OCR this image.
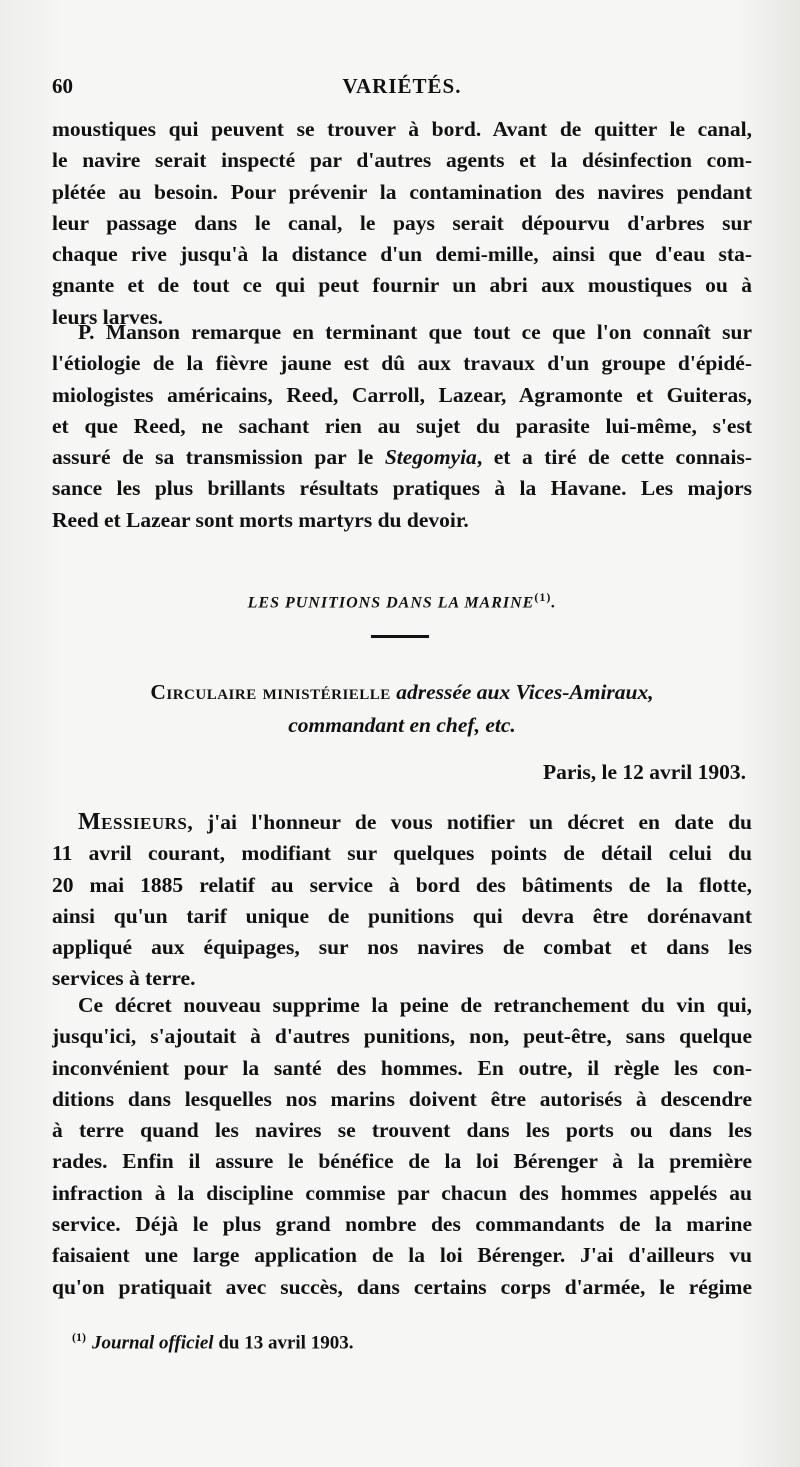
60	VARIÉTÉS.
moustiques qui peuvent se trouver à bord. Avant de quitter le canal,
le navire serait inspecté par d'autres agents et la désinfection com-
plétée au besoin. Pour prévenir la contamination des navires pendant
leur passage dans le canal, le pays serait dépourvu d'arbres sur
chaque rive jusqu'à la distance d'un demi-mille, ainsi que d'eau sta-
gnante et de tout ce qui peut fournir un abri aux moustiques ou à
leurs larves.
P. Manson remarque en terminant que tout ce que l'on connaît sur
l'étiologie de la fièvre jaune est dû aux travaux d'un groupe d'épidé-
miologistes américains, Reed, Carroll, Lazear, Agramonte et Guiteras,
et que Reed, ne sachant rien au sujet du parasite lui-même, s'est
assuré de sa transmission par le Stegomyia, et a tiré de cette connais-
sance les plus brillants résultats pratiques à la Havane. Les majors
Reed et Lazear sont morts martyrs du devoir.
LES PUNITIONS DANS LA MARINE$^{(1)}$.
Circulaire ministérielle adressée aux Vices-Amiraux,
commandant en chef, etc.
Paris, le 12 avril 1903.
Messieurs, j'ai l'honneur de vous notifier un décret en date du
11 avril courant, modifiant sur quelques points de détail celui du
20 mai 1885 relatif au service à bord des bâtiments de la flotte,
ainsi qu'un tarif unique de punitions qui devra être dorénavant
appliqué aux équipages, sur nos navires de combat et dans les
services à terre.
Ce décret nouveau supprime la peine de retranchement du vin qui,
jusqu'ici, s'ajoutait à d'autres punitions, non, peut-être, sans quelque
inconvénient pour la santé des hommes. En outre, il règle les con-
ditions dans lesquelles nos marins doivent être autorisés à descendre
à terre quand les navires se trouvent dans les ports ou dans les
rades. Enfin il assure le bénéfice de la loi Bérenger à la première
infraction à la discipline commise par chacun des hommes appelés au
service. Déjà le plus grand nombre des commandants de la marine
faisaient une large application de la loi Bérenger. J'ai d'ailleurs vu
qu'on pratiquait avec succès, dans certains corps d'armée, le régime
$^{(1)}$ Journal officiel du 13 avril 1903.
